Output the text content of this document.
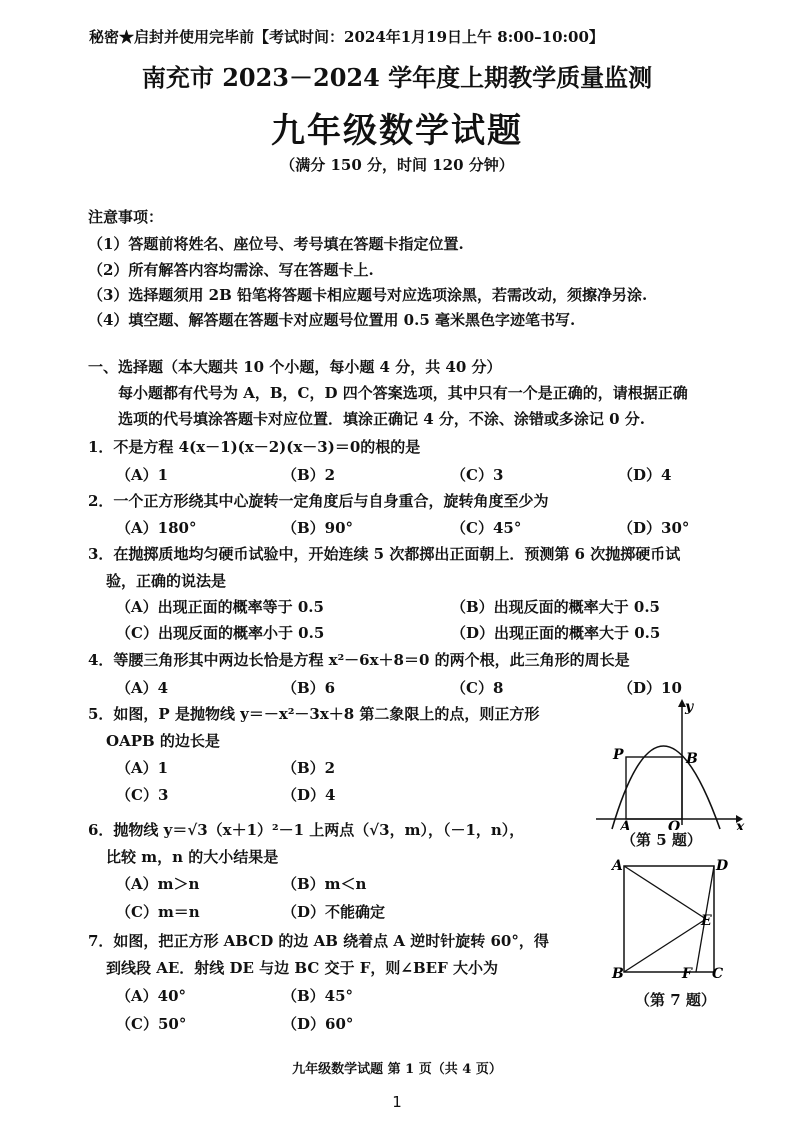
秘密★启封并使用完毕前【考试时间：2024年1月19日上午 8:00–10:00】
南充市 2023－2024 学年度上期教学质量监测
九年级数学试题
（满分 150 分，时间 120 分钟）
注意事项：
（1）答题前将姓名、座位号、考号填在答题卡指定位置.
（2）所有解答内容均需涂、写在答题卡上.
（3）选择题须用 2B 铅笔将答题卡相应题号对应选项涂黑，若需改动，须擦净另涂.
（4）填空题、解答题在答题卡对应题号位置用 0.5 毫米黑色字迹笔书写.
一、选择题（本大题共 10 个小题，每小题 4 分，共 40 分）
每小题都有代号为 A，B，C，D 四个答案选项，其中只有一个是正确的，请根据正确
选项的代号填涂答题卡对应位置．填涂正确记 4 分，不涂、涂错或多涂记 0 分.
1．不是方程 4(x－1)(x－2)(x－3)＝0的根的是
（A）1	（B）2	（C）3	（D）4
2．一个正方形绕其中心旋转一定角度后与自身重合，旋转角度至少为
（A）180°	（B）90°	（C）45°	（D）30°
3．在抛掷质地均匀硬币试验中，开始连续 5 次都掷出正面朝上．预测第 6 次抛掷硬币试
验，正确的说法是
（A）出现正面的概率等于 0.5	（B）出现反面的概率大于 0.5
（C）出现反面的概率小于 0.5	（D）出现正面的概率大于 0.5
4．等腰三角形其中两边长恰是方程 x²－6x＋8＝0 的两个根，此三角形的周长是
（A）4	（B）6	（C）8	（D）10
5．如图，P 是抛物线 y＝－x²－3x＋8 第二象限上的点，则正方形
OAPB 的边长是
（A）1	（B）2
（C）3	（D）4
6．抛物线 y＝√3（x＋1）²－1 上两点（√3，m），（－1，n），
比较 m，n 的大小结果是
（A）m＞n	（B）m＜n
（C）m＝n	（D）不能确定
7．如图，把正方形 ABCD 的边 AB 绕着点 A 逆时针旋转 60°，得
到线段 AE．射线 DE 与边 BC 交于 F，则∠BEF 大小为
（A）40°	（B）45°
（C）50°	（D）60°
y
x
P	B
A	O
（第 5 题）
A	D
E
B	F C
（第 7 题）
九年级数学试题 第 1 页（共 4 页）
1
